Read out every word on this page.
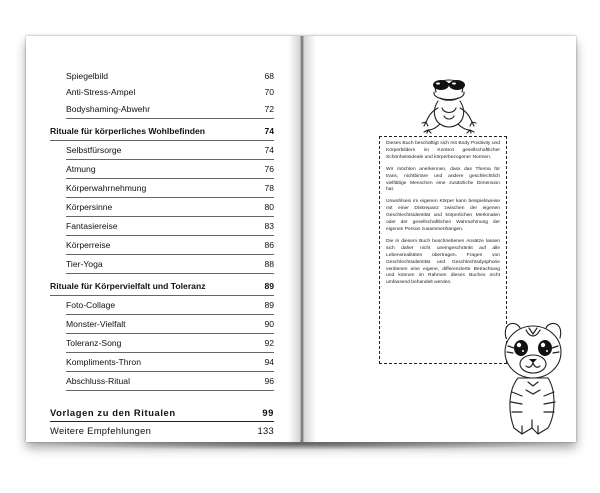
Spiegelbild	68
Anti-Stress-Ampel	70
Bodyshaming-Abwehr	72
Rituale für körperliches Wohlbefinden	74
Selbstfürsorge	74
Atmung	76
Körperwahrnehmung	78
Körpersinne	80
Fantasiereise	83
Körperreise	86
Tier-Yoga	88
Rituale für Körpervielfalt und Toleranz	89
Foto-Collage	89
Monster-Vielfalt	90
Toleranz-Song	92
Kompliments-Thron	94
Abschluss-Ritual	96
Vorlagen zu den Ritualen	99
Weitere Empfehlungen	133

Dieses Buch beschäftigt sich mit Body Positivity und Körperbildern im Kontext gesellschaftlicher Schönheitsideale und körperbezogener Normen.

Wir möchten anerkennen, dass das Thema für trans, nichtbinäre und andere geschlechtlich vielfältige Menschen eine zusätzliche Dimension hat.

Unwohlsein im eigenen Körper kann beispielsweise mit einer Diskrepanz zwischen der eigenen Geschlechtsidentität und körperlichen Merkmalen oder der gesellschaftlichen Wahrnehmung der eigenen Person zusammenhängen.

Die in diesem Buch beschriebenen Ansätze lassen sich daher nicht uneingeschränkt auf alle Lebensrealitäten übertragen. Fragen von Geschlechtsidentität und Geschlechtsdysphorie verdienen eine eigene, differenzierte Betrachtung und können im Rahmen dieses Buches nicht umfassend behandelt werden.
